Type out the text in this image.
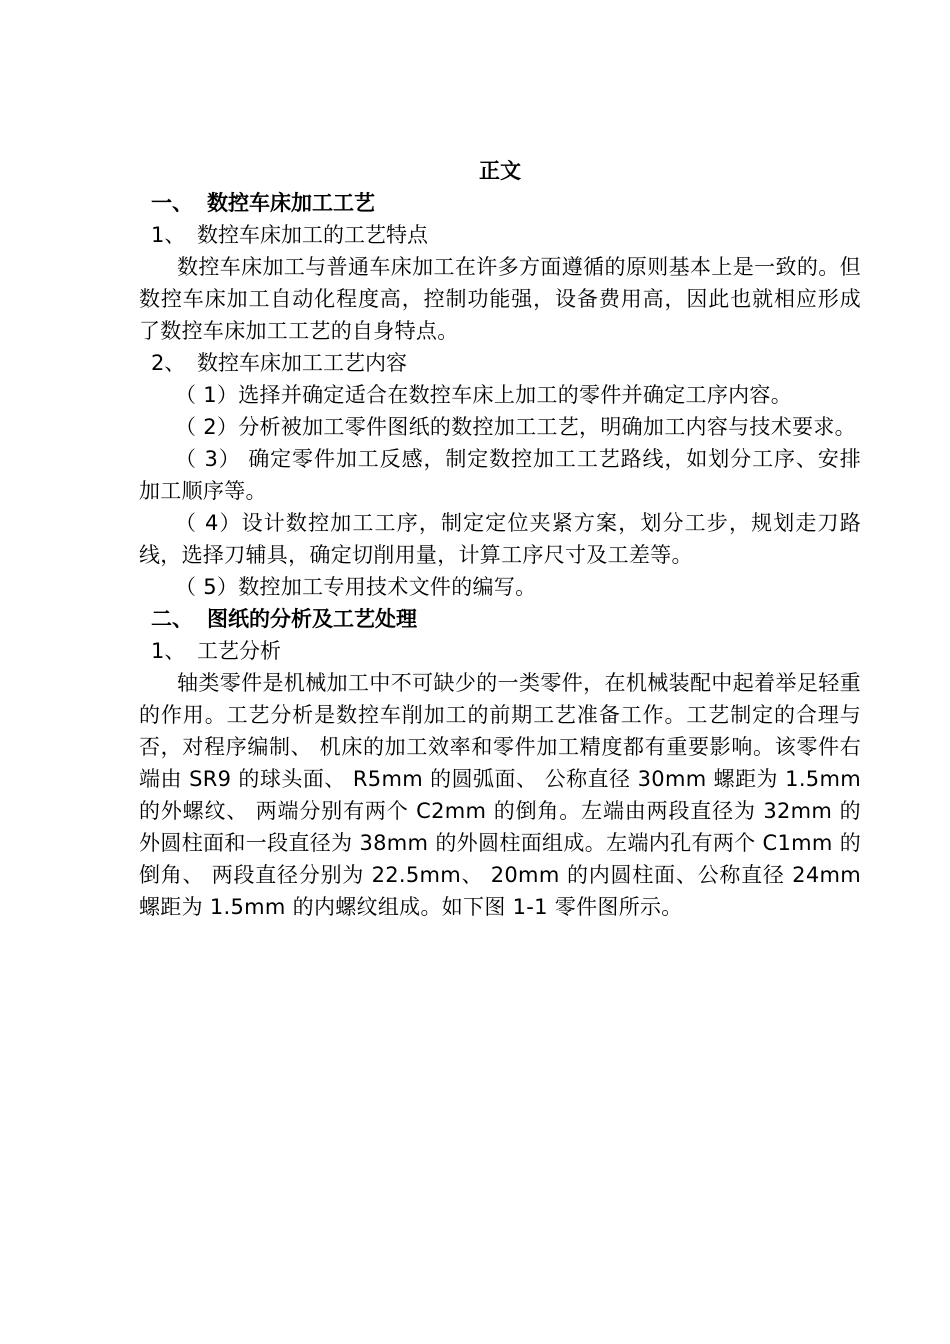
正文

一、 数控车床加工工艺

1、 数控车床加工的工艺特点

数控车床加工与普通车床加工在许多方面遵循的原则基本上是一致的。但数控车床加工自动化程度高，控制功能强，设备费用高，因此也就相应形成了数控车床加工工艺的自身特点。

2、 数控车床加工工艺内容

（ 1）选择并确定适合在数控车床上加工的零件并确定工序内容。

（ 2）分析被加工零件图纸的数控加工工艺，明确加工内容与技术要求。

（ 3） 确定零件加工反感，制定数控加工工艺路线，如划分工序、安排加工顺序等。

（ 4）设计数控加工工序，制定定位夹紧方案，划分工步，规划走刀路线，选择刀辅具，确定切削用量，计算工序尺寸及工差等。

（ 5）数控加工专用技术文件的编写。

二、 图纸的分析及工艺处理

1、 工艺分析

轴类零件是机械加工中不可缺少的一类零件，在机械装配中起着举足轻重的作用。工艺分析是数控车削加工的前期工艺准备工作。工艺制定的合理与否，对程序编制、 机床的加工效率和零件加工精度都有重要影响。该零件右端由 SR9 的球头面、 R5mm 的圆弧面、 公称直径 30mm 螺距为 1.5mm 的外螺纹、 两端分别有两个 C2mm 的倒角。左端由两段直径为 32mm 的外圆柱面和一段直径为 38mm 的外圆柱面组成。左端内孔有两个 C1mm 的倒角、 两段直径分别为 22.5mm、 20mm 的内圆柱面、公称直径 24mm 螺距为 1.5mm 的内螺纹组成。如下图 1-1 零件图所示。
